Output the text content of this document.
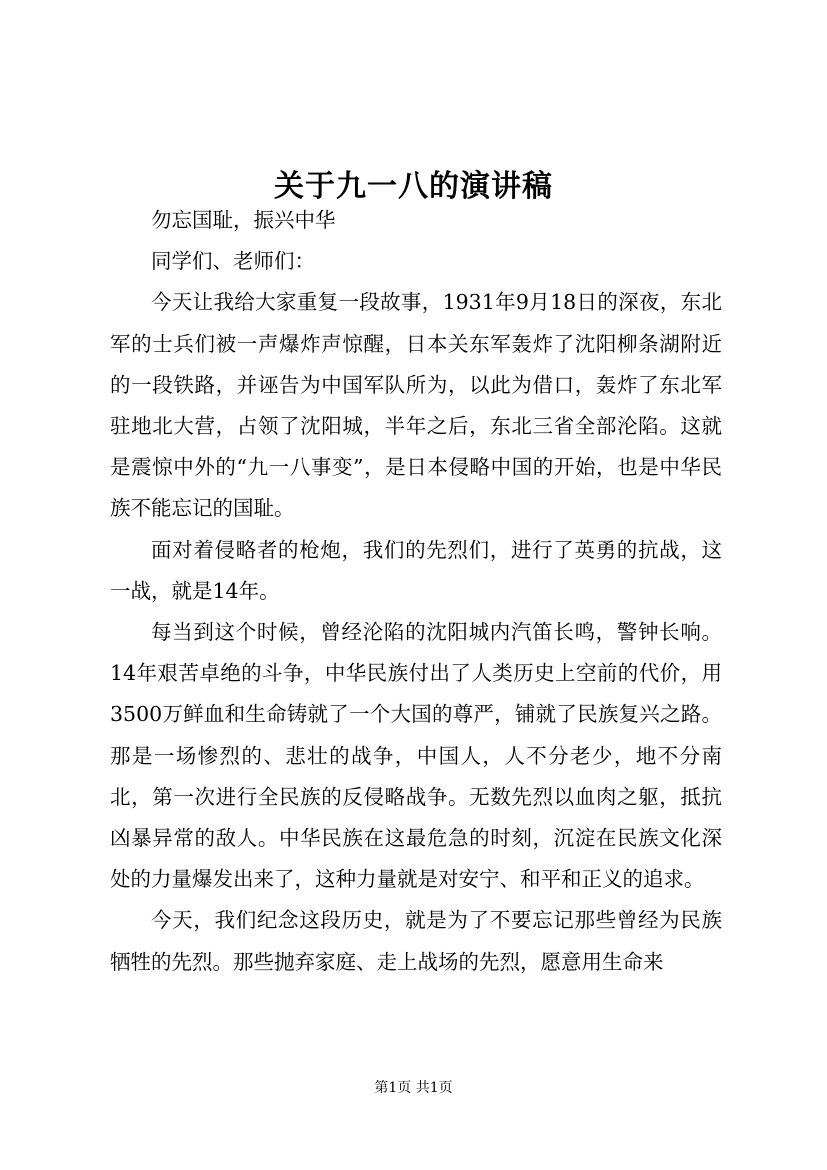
关于九一八的演讲稿

勿忘国耻，振兴中华

同学们、老师们：

今天让我给大家重复一段故事，1931年9月18日的深夜，东北军的士兵们被一声爆炸声惊醒，日本关东军轰炸了沈阳柳条湖附近的一段铁路，并诬告为中国军队所为，以此为借口，轰炸了东北军驻地北大营，占领了沈阳城，半年之后，东北三省全部沦陷。这就是震惊中外的“九一八事变”，是日本侵略中国的开始，也是中华民族不能忘记的国耻。

面对着侵略者的枪炮，我们的先烈们，进行了英勇的抗战，这一战，就是14年。

每当到这个时候，曾经沦陷的沈阳城内汽笛长鸣，警钟长响。14年艰苦卓绝的斗争，中华民族付出了人类历史上空前的代价，用3500万鲜血和生命铸就了一个大国的尊严，铺就了民族复兴之路。那是一场惨烈的、悲壮的战争，中国人，人不分老少，地不分南北，第一次进行全民族的反侵略战争。无数先烈以血肉之躯，抵抗凶暴异常的敌人。中华民族在这最危急的时刻，沉淀在民族文化深处的力量爆发出来了，这种力量就是对安宁、和平和正义的追求。

今天，我们纪念这段历史，就是为了不要忘记那些曾经为民族牺牲的先烈。那些抛弃家庭、走上战场的先烈，愿意用生命来

第1页 共1页
